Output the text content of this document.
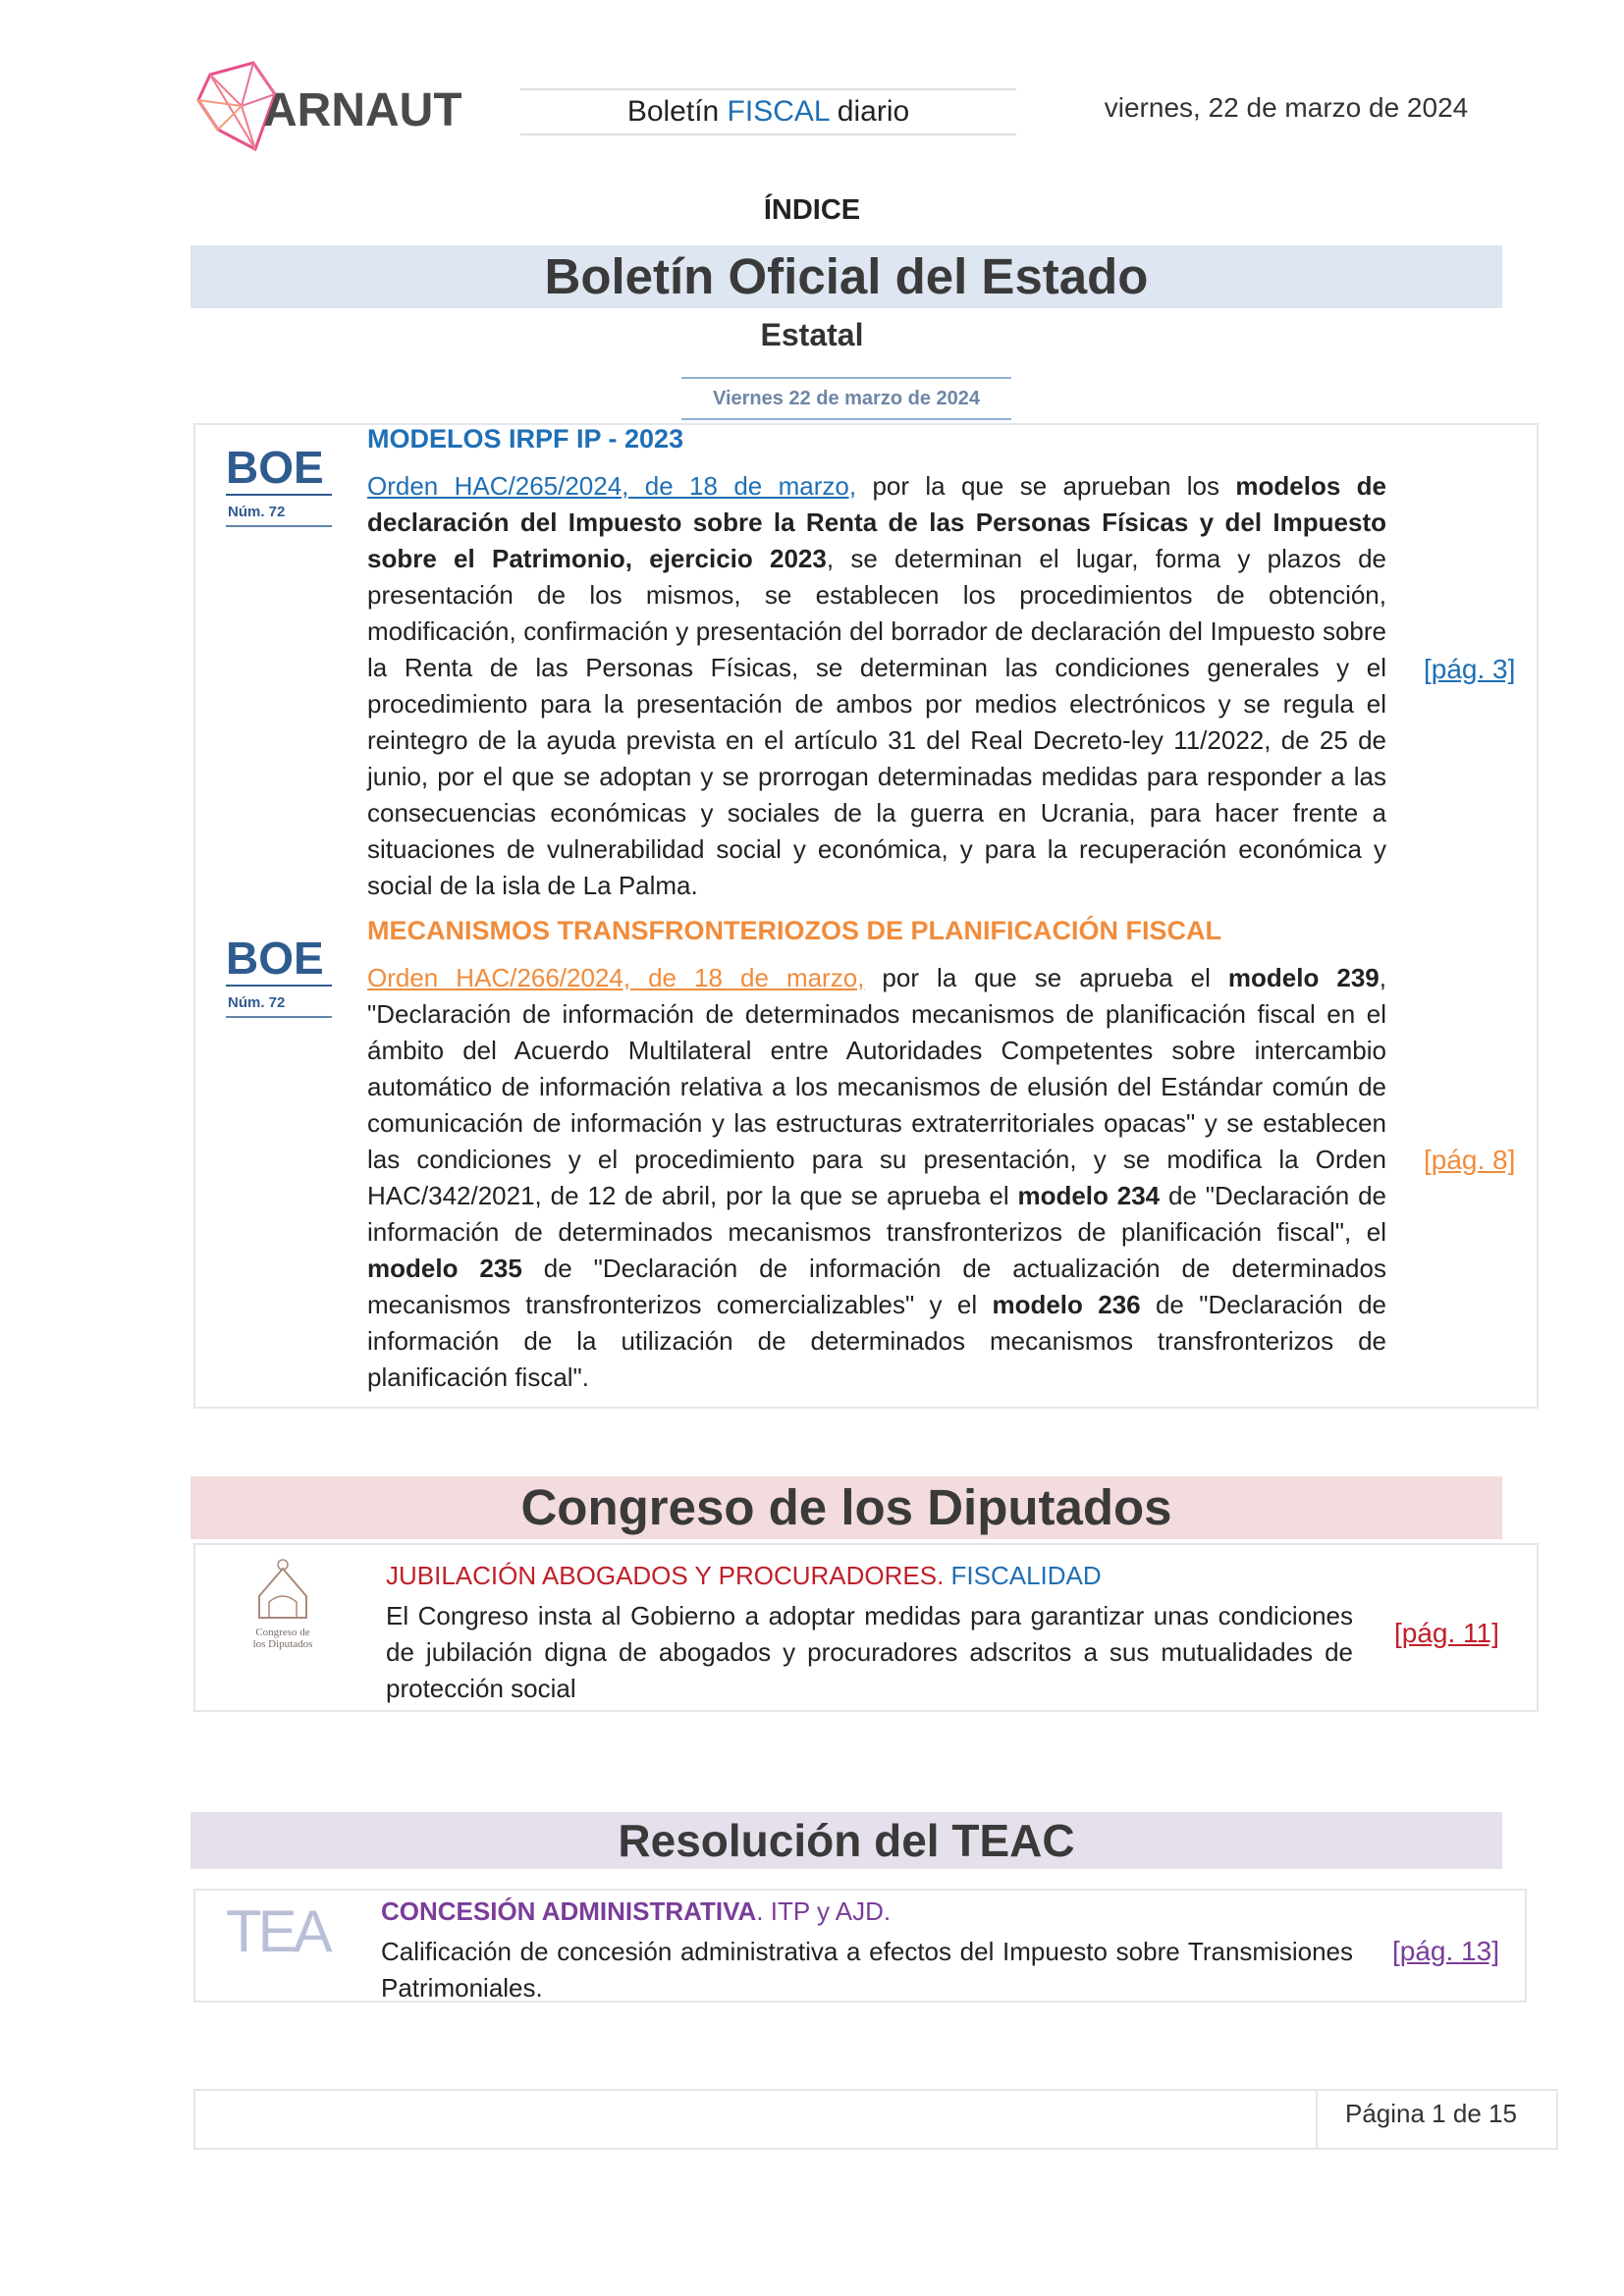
ARNAUT	Boletín FISCAL diario	viernes, 22 de marzo de 2024
ÍNDICE
Boletín Oficial del Estado
Estatal
Viernes 22 de marzo de 2024
BOE
Núm. 72
MODELOS IRPF IP - 2023
Orden HAC/265/2024, de 18 de marzo, por la que se aprueban los modelos de declaración del Impuesto sobre la Renta de las Personas Físicas y del Impuesto sobre el Patrimonio, ejercicio 2023, se determinan el lugar, forma y plazos de presentación de los mismos, se establecen los procedimientos de obtención, modificación, confirmación y presentación del borrador de declaración del Impuesto sobre la Renta de las Personas Físicas, se determinan las condiciones generales y el procedimiento para la presentación de ambos por medios electrónicos y se regula el reintegro de la ayuda prevista en el artículo 31 del Real Decreto-ley 11/2022, de 25 de junio, por el que se adoptan y se prorrogan determinadas medidas para responder a las consecuencias económicas y sociales de la guerra en Ucrania, para hacer frente a situaciones de vulnerabilidad social y económica, y para la recuperación económica y social de la isla de La Palma.
[pág. 3]
BOE
Núm. 72
MECANISMOS TRANSFRONTERIOZOS DE PLANIFICACIÓN FISCAL
Orden HAC/266/2024, de 18 de marzo, por la que se aprueba el modelo 239, "Declaración de información de determinados mecanismos de planificación fiscal en el ámbito del Acuerdo Multilateral entre Autoridades Competentes sobre intercambio automático de información relativa a los mecanismos de elusión del Estándar común de comunicación de información y las estructuras extraterritoriales opacas" y se establecen las condiciones y el procedimiento para su presentación, y se modifica la Orden HAC/342/2021, de 12 de abril, por la que se aprueba el modelo 234 de "Declaración de información de determinados mecanismos transfronterizos de planificación fiscal", el modelo 235 de "Declaración de información de actualización de determinados mecanismos transfronterizos comercializables" y el modelo 236 de "Declaración de información de la utilización de determinados mecanismos transfronterizos de planificación fiscal".
[pág. 8]
Congreso de los Diputados
Congreso de
los Diputados
JUBILACIÓN ABOGADOS Y PROCURADORES. FISCALIDAD
El Congreso insta al Gobierno a adoptar medidas para garantizar unas condiciones de jubilación digna de abogados y procuradores adscritos a sus mutualidades de protección social
[pág. 11]
Resolución del TEAC
TEA CONCESIÓN ADMINISTRATIVA. ITP y AJD.
Calificación de concesión administrativa a efectos del Impuesto sobre Transmisiones Patrimoniales.
[pág. 13]
Página 1 de 15
